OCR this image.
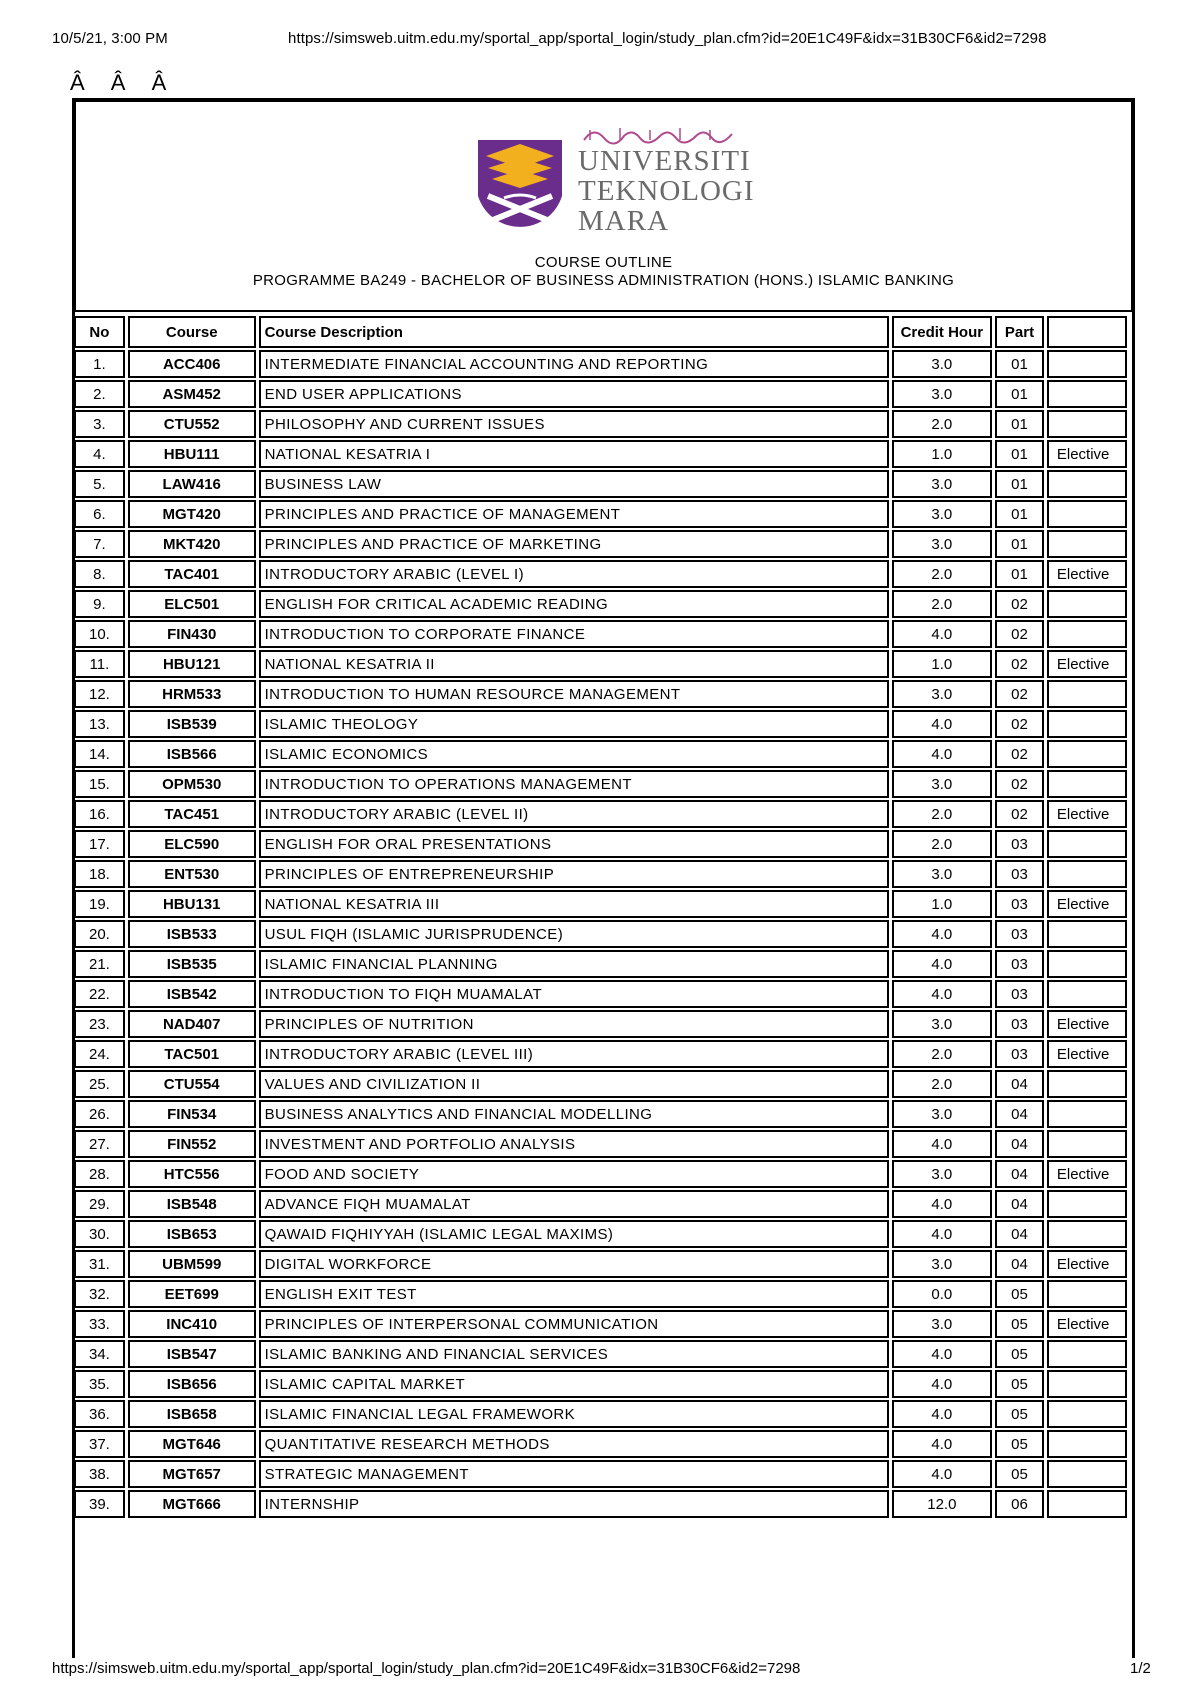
10/5/21, 3:00 PM	https://simsweb.uitm.edu.my/sportal_app/sportal_login/study_plan.cfm?id=20E1C49F&idx=31B30CF6&id2=7298
Â Â Â
UNIVERSITI
TEKNOLOGI
MARA
COURSE OUTLINE
PROGRAMME BA249 - BACHELOR OF BUSINESS ADMINISTRATION (HONS.) ISLAMIC BANKING
No	Course	Course Description	Credit Hour	Part	
1.	ACC406	INTERMEDIATE FINANCIAL ACCOUNTING AND REPORTING	3.0	01	
2.	ASM452	END USER APPLICATIONS	3.0	01	
3.	CTU552	PHILOSOPHY AND CURRENT ISSUES	2.0	01	
4.	HBU111	NATIONAL KESATRIA I	1.0	01	Elective
5.	LAW416	BUSINESS LAW	3.0	01	
6.	MGT420	PRINCIPLES AND PRACTICE OF MANAGEMENT	3.0	01	
7.	MKT420	PRINCIPLES AND PRACTICE OF MARKETING	3.0	01	
8.	TAC401	INTRODUCTORY ARABIC (LEVEL I)	2.0	01	Elective
9.	ELC501	ENGLISH FOR CRITICAL ACADEMIC READING	2.0	02	
10.	FIN430	INTRODUCTION TO CORPORATE FINANCE	4.0	02	
11.	HBU121	NATIONAL KESATRIA II	1.0	02	Elective
12.	HRM533	INTRODUCTION TO HUMAN RESOURCE MANAGEMENT	3.0	02	
13.	ISB539	ISLAMIC THEOLOGY	4.0	02	
14.	ISB566	ISLAMIC ECONOMICS	4.0	02	
15.	OPM530	INTRODUCTION TO OPERATIONS MANAGEMENT	3.0	02	
16.	TAC451	INTRODUCTORY ARABIC (LEVEL II)	2.0	02	Elective
17.	ELC590	ENGLISH FOR ORAL PRESENTATIONS	2.0	03	
18.	ENT530	PRINCIPLES OF ENTREPRENEURSHIP	3.0	03	
19.	HBU131	NATIONAL KESATRIA III	1.0	03	Elective
20.	ISB533	USUL FIQH (ISLAMIC JURISPRUDENCE)	4.0	03	
21.	ISB535	ISLAMIC FINANCIAL PLANNING	4.0	03	
22.	ISB542	INTRODUCTION TO FIQH MUAMALAT	4.0	03	
23.	NAD407	PRINCIPLES OF NUTRITION	3.0	03	Elective
24.	TAC501	INTRODUCTORY ARABIC (LEVEL III)	2.0	03	Elective
25.	CTU554	VALUES AND CIVILIZATION II	2.0	04	
26.	FIN534	BUSINESS ANALYTICS AND FINANCIAL MODELLING	3.0	04	
27.	FIN552	INVESTMENT AND PORTFOLIO ANALYSIS	4.0	04	
28.	HTC556	FOOD AND SOCIETY	3.0	04	Elective
29.	ISB548	ADVANCE FIQH MUAMALAT	4.0	04	
30.	ISB653	QAWAID FIQHIYYAH (ISLAMIC LEGAL MAXIMS)	4.0	04	
31.	UBM599	DIGITAL WORKFORCE	3.0	04	Elective
32.	EET699	ENGLISH EXIT TEST	0.0	05	
33.	INC410	PRINCIPLES OF INTERPERSONAL COMMUNICATION	3.0	05	Elective
34.	ISB547	ISLAMIC BANKING AND FINANCIAL SERVICES	4.0	05	
35.	ISB656	ISLAMIC CAPITAL MARKET	4.0	05	
36.	ISB658	ISLAMIC FINANCIAL LEGAL FRAMEWORK	4.0	05	
37.	MGT646	QUANTITATIVE RESEARCH METHODS	4.0	05	
38.	MGT657	STRATEGIC MANAGEMENT	4.0	05	
39.	MGT666	INTERNSHIP	12.0	06	
https://simsweb.uitm.edu.my/sportal_app/sportal_login/study_plan.cfm?id=20E1C49F&idx=31B30CF6&id2=7298	1/2
